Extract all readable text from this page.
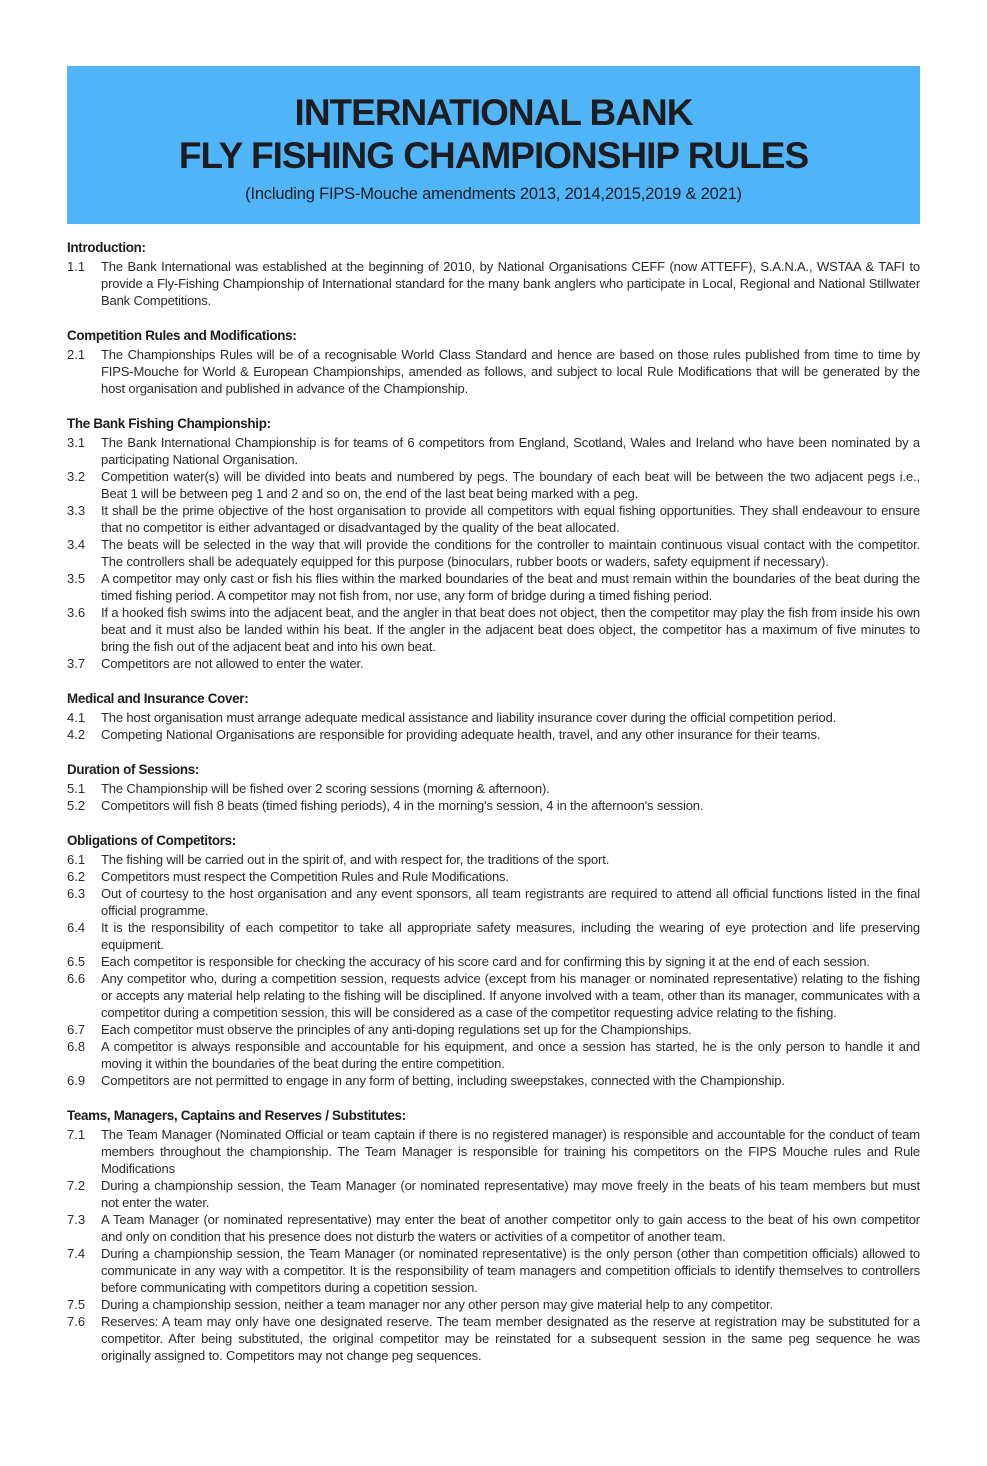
INTERNATIONAL BANK
FLY FISHING CHAMPIONSHIP RULES
(Including FIPS-Mouche amendments 2013, 2014,2015,2019 & 2021)
Introduction:
1.1	The Bank International was established at the beginning of 2010, by National Organisations CEFF (now ATTEFF), S.A.N.A., WSTAA & TAFI to provide a Fly-Fishing Championship of International standard for the many bank anglers who participate in Local, Regional and National Stillwater Bank Competitions.

Competition Rules and Modifications:
2.1	The Championships Rules will be of a recognisable World Class Standard and hence are based on those rules published from time to time by FIPS-Mouche for World & European Championships, amended as follows, and subject to local Rule Modifications that will be generated by the host organisation and published in advance of the Championship.

The Bank Fishing Championship:
3.1	The Bank International Championship is for teams of 6 competitors from England, Scotland, Wales and Ireland who have been nominated by a participating National Organisation.

3.2	Competition water(s) will be divided into beats and numbered by pegs. The boundary of each beat will be between the two adjacent pegs i.e., Beat 1 will be between peg 1 and 2 and so on, the end of the last beat being marked with a peg.

3.3	It shall be the prime objective of the host organisation to provide all competitors with equal fishing opportunities. They shall endeavour to ensure that no competitor is either advantaged or disadvantaged by the quality of the beat allocated.

3.4	The beats will be selected in the way that will provide the conditions for the controller to maintain continuous visual contact with the competitor. The controllers shall be adequately equipped for this purpose (binoculars, rubber boots or waders, safety equipment if necessary).

3.5	A competitor may only cast or fish his flies within the marked boundaries of the beat and must remain within the boundaries of the beat during the timed fishing period. A competitor may not fish from, nor use, any form of bridge during a timed fishing period.

3.6	If a hooked fish swims into the adjacent beat, and the angler in that beat does not object, then the competitor may play the fish from inside his own beat and it must also be landed within his beat. If the angler in the adjacent beat does object, the competitor has a maximum of five minutes to bring the fish out of the adjacent beat and into his own beat.

3.7	Competitors are not allowed to enter the water.

Medical and Insurance Cover:
4.1	The host organisation must arrange adequate medical assistance and liability insurance cover during the official competition period.

4.2	Competing National Organisations are responsible for providing adequate health, travel, and any other insurance for their teams.

Duration of Sessions:
5.1	The Championship will be fished over 2 scoring sessions (morning & afternoon).

5.2	Competitors will fish 8 beats (timed fishing periods), 4 in the morning's session, 4 in the afternoon's session.

Obligations of Competitors:
6.1	The fishing will be carried out in the spirit of, and with respect for, the traditions of the sport.

6.2	Competitors must respect the Competition Rules and Rule Modifications.

6.3	Out of courtesy to the host organisation and any event sponsors, all team registrants are required to attend all official functions listed in the final official programme.

6.4	It is the responsibility of each competitor to take all appropriate safety measures, including the wearing of eye protection and life preserving equipment.

6.5	Each competitor is responsible for checking the accuracy of his score card and for confirming this by signing it at the end of each session.

6.6	Any competitor who, during a competition session, requests advice (except from his manager or nominated representative) relating to the fishing or accepts any material help relating to the fishing will be disciplined. If anyone involved with a team, other than its manager, communicates with a competitor during a competition session, this will be considered as a case of the competitor requesting advice relating to the fishing.

6.7	Each competitor must observe the principles of any anti-doping regulations set up for the Championships.

6.8	A competitor is always responsible and accountable for his equipment, and once a session has started, he is the only person to handle it and moving it within the boundaries of the beat during the entire competition.

6.9	Competitors are not permitted to engage in any form of betting, including sweepstakes, connected with the Championship.

Teams, Managers, Captains and Reserves / Substitutes:
7.1	The Team Manager (Nominated Official or team captain if there is no registered manager) is responsible and accountable for the conduct of team members throughout the championship. The Team Manager is responsible for training his competitors on the FIPS Mouche rules and Rule Modifications

7.2	During a championship session, the Team Manager (or nominated representative) may move freely in the beats of his team members but must not enter the water.

7.3	A Team Manager (or nominated representative) may enter the beat of another competitor only to gain access to the beat of his own competitor and only on condition that his presence does not disturb the waters or activities of a competitor of another team.

7.4	During a championship session, the Team Manager (or nominated representative) is the only person (other than competition officials) allowed to communicate in any way with a competitor. It is the responsibility of team managers and competition officials to identify themselves to controllers before communicating with competitors during a copetition session.

7.5	During a championship session, neither a team manager nor any other person may give material help to any competitor.

7.6	Reserves: A team may only have one designated reserve. The team member designated as the reserve at registration may be substituted for a competitor. After being substituted, the original competitor may be reinstated for a subsequent session in the same peg sequence he was originally assigned to. Competitors may not change peg sequences.
